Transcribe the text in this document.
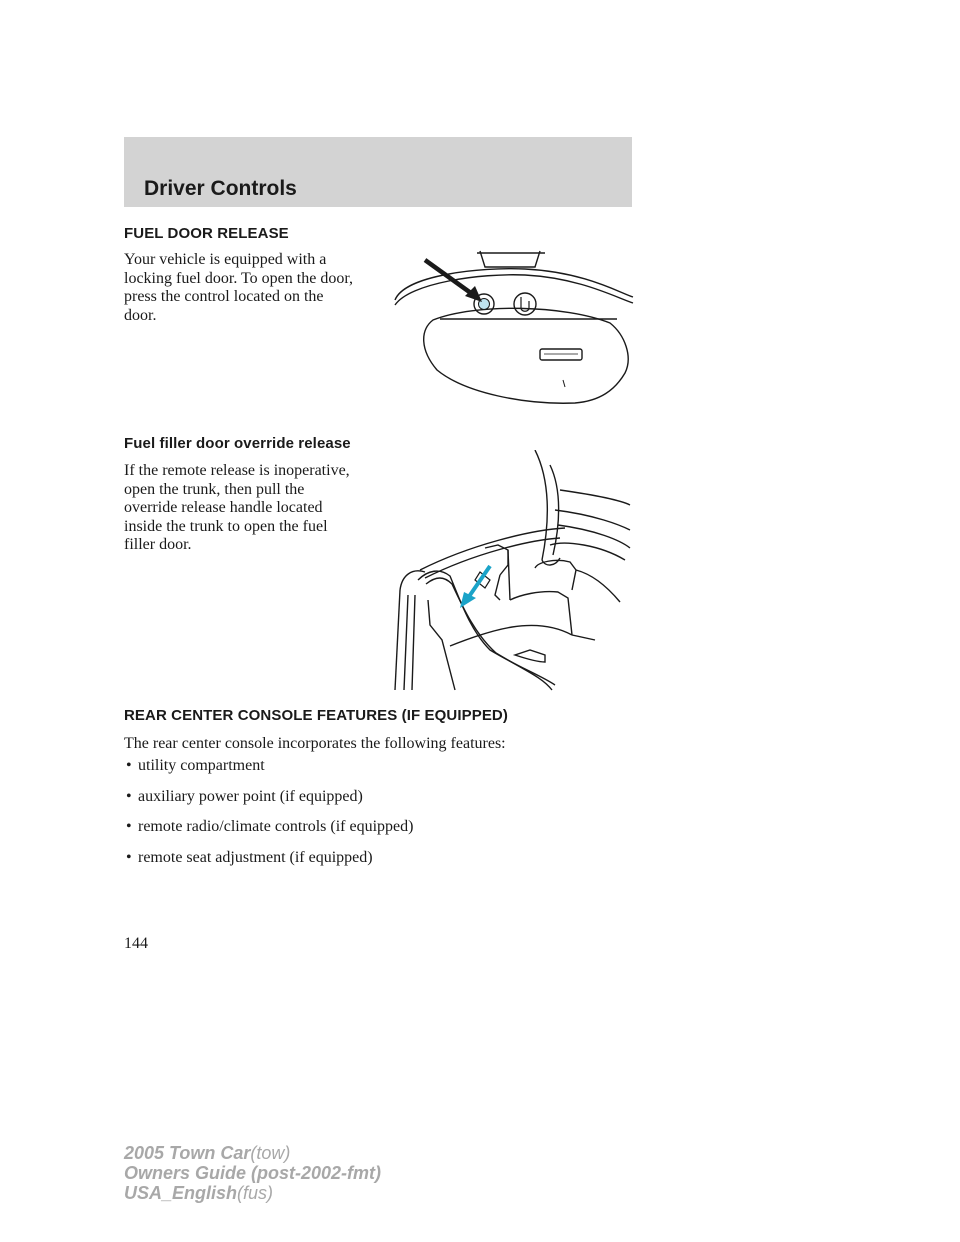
Driver Controls
FUEL DOOR RELEASE

Your vehicle is equipped with a
locking fuel door. To open the door,
press the control located on the
door.

Fuel filler door override release

If the remote release is inoperative,
open the trunk, then pull the
override release handle located
inside the trunk to open the fuel
filler door.

REAR CENTER CONSOLE FEATURES (IF EQUIPPED)

The rear center console incorporates the following features:

• utility compartment
• auxiliary power point (if equipped)
• remote radio/climate controls (if equipped)
• remote seat adjustment (if equipped)
144
2005 Town Car(tow)
Owners Guide (post-2002-fmt)
USA_English(fus)
